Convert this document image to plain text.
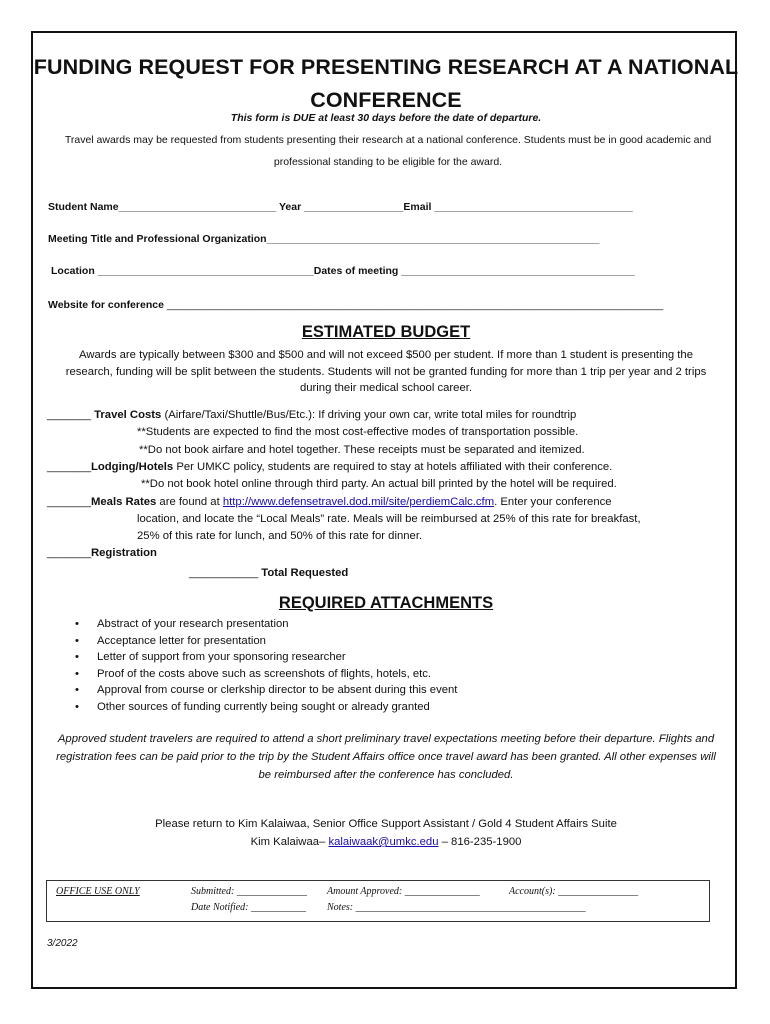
FUNDING REQUEST FOR PRESENTING RESEARCH AT A NATIONAL
CONFERENCE
This form is DUE at least 30 days before the date of departure.
Travel awards may be requested from students presenting their research at a national conference. Students must be in good academic and professional standing to be eligible for the award.
Student Name___________________________ Year _________________Email __________________________________
Meeting Title and Professional Organization_________________________________________________________
Location _____________________________________Dates of meeting ________________________________________
Website for conference _____________________________________________________________________________________
ESTIMATED BUDGET
Awards are typically between $300 and $500 and will not exceed $500 per student. If more than 1 student is presenting the research, funding will be split between the students. Students will not be granted funding for more than 1 trip per year and 2 trips during their medical school career.
_______ Travel Costs (Airfare/Taxi/Shuttle/Bus/Etc.): If driving your own car, write total miles for roundtrip
**Students are expected to find the most cost-effective modes of transportation possible.
**Do not book airfare and hotel together. These receipts must be separated and itemized.
_______Lodging/Hotels Per UMKC policy, students are required to stay at hotels affiliated with their conference.
**Do not book hotel online through third party. An actual bill printed by the hotel will be required.
_______Meals Rates are found at http://www.defensetravel.dod.mil/site/perdiemCalc.cfm. Enter your conference
location, and locate the “Local Meals” rate. Meals will be reimbursed at 25% of this rate for breakfast,
25% of this rate for lunch, and 50% of this rate for dinner.
_______Registration
___________ Total Requested
REQUIRED ATTACHMENTS
• Abstract of your research presentation
• Acceptance letter for presentation
• Letter of support from your sponsoring researcher
• Proof of the costs above such as screenshots of flights, hotels, etc.
• Approval from course or clerkship director to be absent during this event
• Other sources of funding currently being sought or already granted
Approved student travelers are required to attend a short preliminary travel expectations meeting before their departure. Flights and registration fees can be paid prior to the trip by the Student Affairs office once travel award has been granted. All other expenses will be reimbursed after the conference has concluded.
Please return to Kim Kalaiwaa, Senior Office Support Assistant / Gold 4 Student Affairs Suite
Kim Kalaiwaa– kalaiwaak@umkc.edu – 816-235-1900
OFFICE USE ONLY	Submitted: ______________ Amount Approved: _______________	Account(s): ________________
Date Notified: ___________ Notes: ______________________________________________
3/2022
